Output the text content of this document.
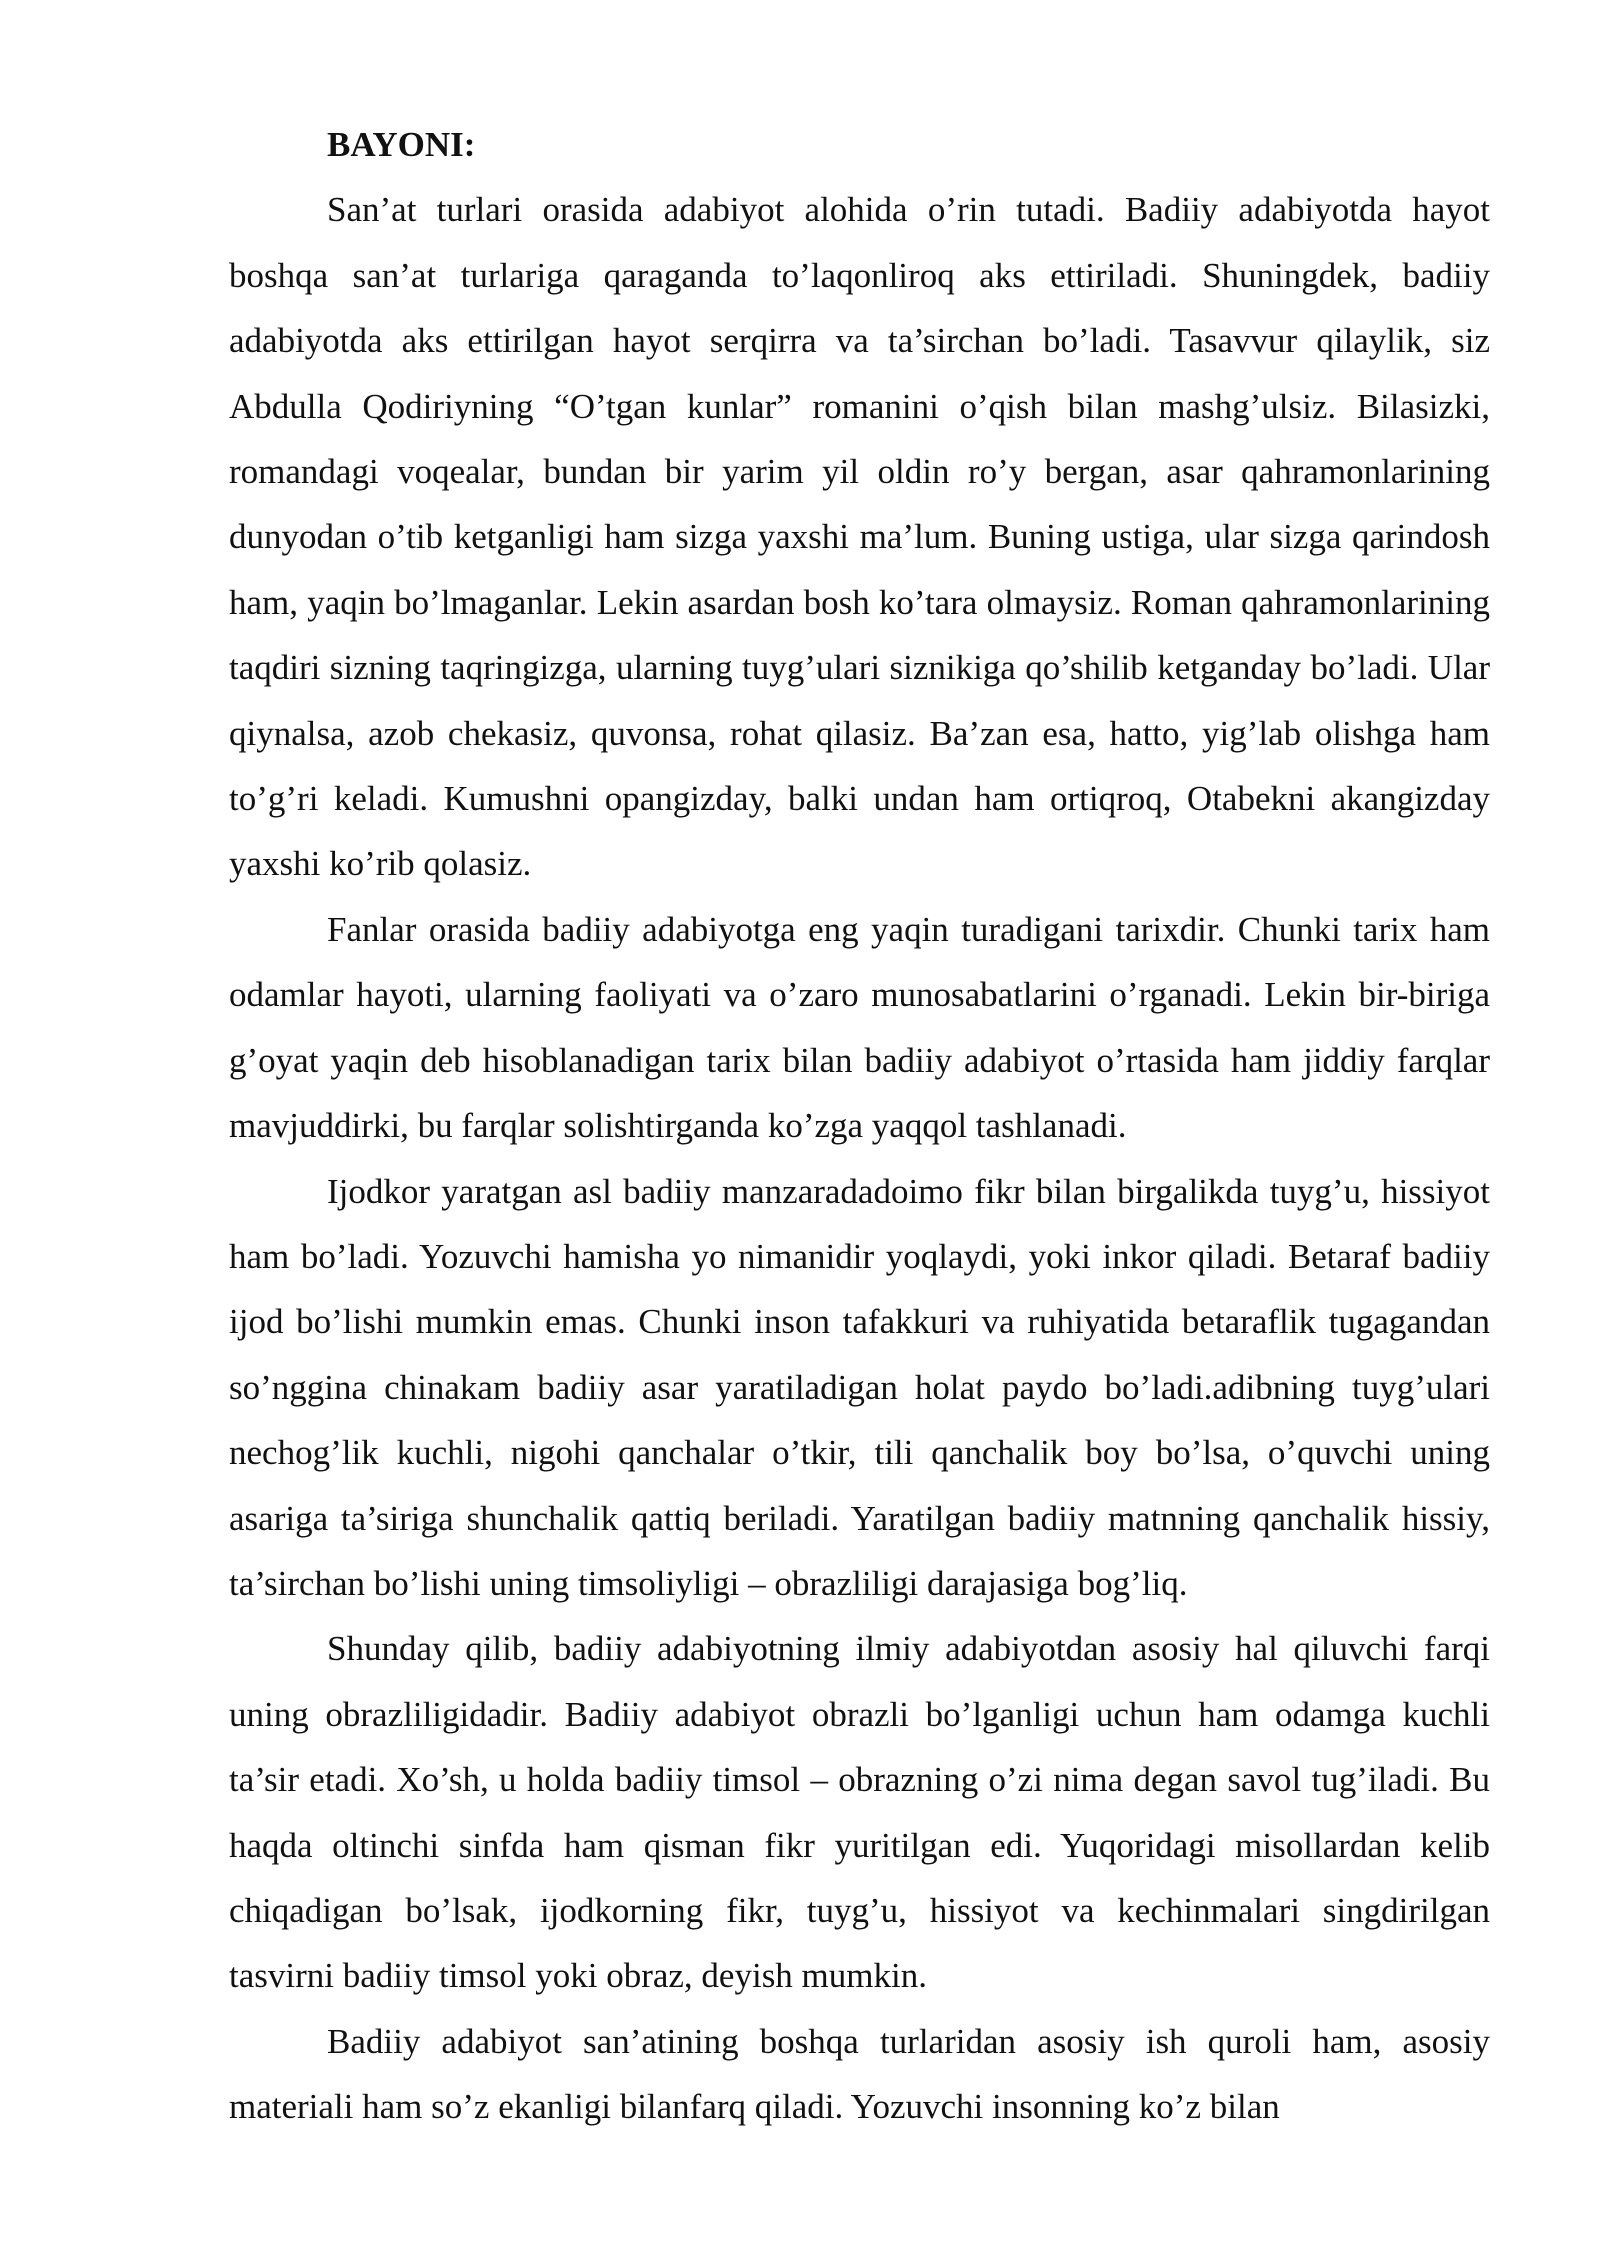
BAYONI:

San’at turlari orasida adabiyot alohida o’rin tutadi. Badiiy adabiyotda hayot boshqa san’at turlariga qaraganda to’laqonliroq aks ettiriladi. Shuningdek, badiiy adabiyotda aks ettirilgan hayot serqirra va ta’sirchan bo’ladi. Tasavvur qilaylik, siz Abdulla Qodiriyning “O’tgan kunlar” romanini o’qish bilan mashg’ulsiz. Bilasizki, romandagi voqealar, bundan bir yarim yil oldin ro’y bergan, asar qahramonlarining dunyodan o’tib ketganligi ham sizga yaxshi ma’lum. Buning ustiga, ular sizga qarindosh ham, yaqin bo’lmaganlar. Lekin asardan bosh ko’tara olmaysiz. Roman qahramonlarining taqdiri sizning taqringizga, ularning tuyg’ulari siznikiga qo’shilib ketganday bo’ladi. Ular qiynalsa, azob chekasiz, quvonsa, rohat qilasiz. Ba’zan esa, hatto, yig’lab olishga ham to’g’ri keladi. Kumushni opangizday, balki undan ham ortiqroq, Otabekni akangizday yaxshi ko’rib qolasiz.

Fanlar orasida badiiy adabiyotga eng yaqin turadigani tarixdir. Chunki tarix ham odamlar hayoti, ularning faoliyati va o’zaro munosabatlarini o’rganadi. Lekin bir-biriga g’oyat yaqin deb hisoblanadigan tarix bilan badiiy adabiyot o’rtasida ham jiddiy farqlar mavjuddirki, bu farqlar solishtirganda ko’zga yaqqol tashlanadi.

Ijodkor yaratgan asl badiiy manzaradadoimo fikr bilan birgalikda tuyg’u, hissiyot ham bo’ladi. Yozuvchi hamisha yo nimanidir yoqlaydi, yoki inkor qiladi. Betaraf badiiy ijod bo’lishi mumkin emas. Chunki inson tafakkuri va ruhiyatida betaraflik tugagandan so’nggina chinakam badiiy asar yaratiladigan holat paydo bo’ladi.adibning tuyg’ulari nechog’lik kuchli, nigohi qanchalar o’tkir, tili qanchalik boy bo’lsa, o’quvchi uning asariga ta’siriga shunchalik qattiq beriladi. Yaratilgan badiiy matnning qanchalik hissiy, ta’sirchan bo’lishi uning timsoliyligi – obrazliligi darajasiga bog’liq.

Shunday qilib, badiiy adabiyotning ilmiy adabiyotdan asosiy hal qiluvchi farqi uning obrazliligidadir. Badiiy adabiyot obrazli bo’lganligi uchun ham odamga kuchli ta’sir etadi. Xo’sh, u holda badiiy timsol – obrazning o’zi nima degan savol tug’iladi. Bu haqda oltinchi sinfda ham qisman fikr yuritilgan edi. Yuqoridagi misollardan kelib chiqadigan bo’lsak, ijodkorning fikr, tuyg’u, hissiyot va kechinmalari singdirilgan tasvirni badiiy timsol yoki obraz, deyish mumkin.

Badiiy adabiyot san’atining boshqa turlaridan asosiy ish quroli ham, asosiy materiali ham so’z ekanligi bilanfarq qiladi. Yozuvchi insonning ko’z bilan
